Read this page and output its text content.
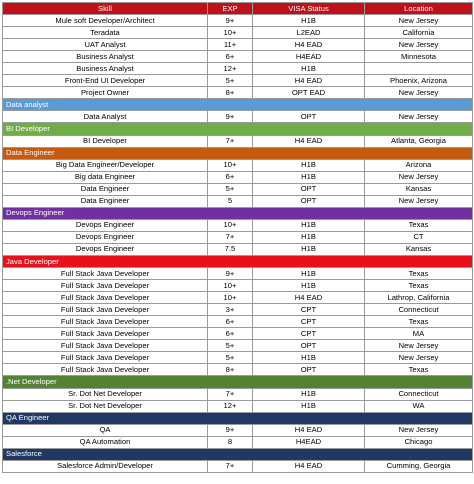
Skill	EXP	VISA Status	Location
Mule soft Developer/Architect	9+	H1B	New Jersey
Teradata	10+	L2EAD	California
UAT Analyst	11+	H4 EAD	New Jersey
Business Analyst	6+	H4EAD	Minnesota
Business Analyst	12+	H1B	
Front-End UI Developer	5+	H4 EAD	Phoenix, Arizona
Project Owner	8+	OPT EAD	New Jersey
Data analyst			
Data Analyst	9+	OPT	New Jersey
BI Developer			
BI Developer	7+	H4 EAD	Atlanta, Georgia
Data Engineer			
Big Data Engineer/Developer	10+	H1B	Arizona
Big data Engineer	6+	H1B	New Jersey
Data Engineer	5+	OPT	Kansas
Data Engineer	5	OPT	New Jersey
Devops Engineer			
Devops Engineer	10+	H1B	Texas
Devops Engineer	7+	H1B	CT
Devops Engineer	7.5	H1B	Kansas
Java Developer			
Full Stack Java Developer	9+	H1B	Texas
Full Stack Java Developer	10+	H1B	Texas
Full Stack Java Developer	10+	H4 EAD	Lathrop, California
Full Stack Java Developer	3+	CPT	Connecticut
Full Stack Java Developer	6+	CPT	Texas
Full Stack Java Developer	6+	CPT	MA
Full Stack Java Developer	5+	OPT	New Jersey
Full Stack Java Developer	5+	H1B	New Jersey
Full Stack Java Developer	8+	OPT	Texas
.Net Developer			
Sr. Dot Net Developer	7+	H1B	Connecticut
Sr. Dot Net Developer	12+	H1B	WA
QA Engineer			
QA	9+	H4 EAD	New Jersey
QA Automation	8	H4EAD	Chicago
Salesforce			
Salesforce Admin/Developer	7+	H4 EAD	Cumming, Georgia
